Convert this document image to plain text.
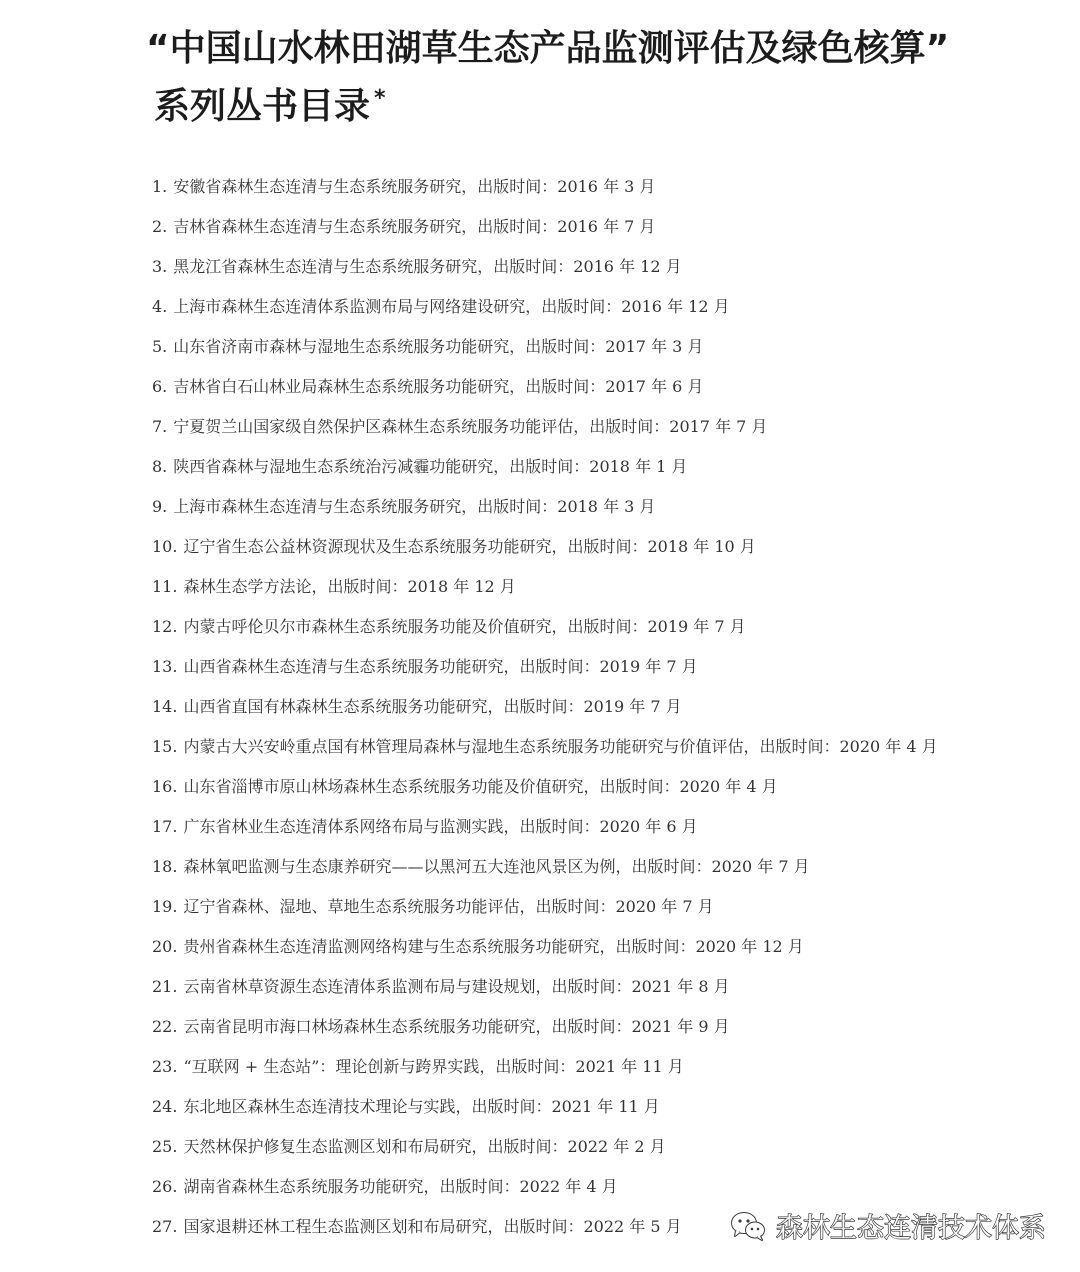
“中国山水林田湖草生态产品监测评估及绿色核算”
系列丛书目录 *
1. 安徽省森林生态连清与生态系统服务研究，出版时间：2016 年 3 月
2. 吉林省森林生态连清与生态系统服务研究，出版时间：2016 年 7 月
3. 黑龙江省森林生态连清与生态系统服务研究，出版时间：2016 年 12 月
4. 上海市森林生态连清体系监测布局与网络建设研究，出版时间：2016 年 12 月
5. 山东省济南市森林与湿地生态系统服务功能研究，出版时间：2017 年 3 月
6. 吉林省白石山林业局森林生态系统服务功能研究，出版时间：2017 年 6 月
7. 宁夏贺兰山国家级自然保护区森林生态系统服务功能评估，出版时间：2017 年 7 月
8. 陕西省森林与湿地生态系统治污减霾功能研究，出版时间：2018 年 1 月
9. 上海市森林生态连清与生态系统服务研究，出版时间：2018 年 3 月
10. 辽宁省生态公益林资源现状及生态系统服务功能研究，出版时间：2018 年 10 月
11. 森林生态学方法论，出版时间：2018 年 12 月
12. 内蒙古呼伦贝尔市森林生态系统服务功能及价值研究，出版时间：2019 年 7 月
13. 山西省森林生态连清与生态系统服务功能研究，出版时间：2019 年 7 月
14. 山西省直国有林森林生态系统服务功能研究，出版时间：2019 年 7 月
15. 内蒙古大兴安岭重点国有林管理局森林与湿地生态系统服务功能研究与价值评估，出版时间：2020 年 4 月
16. 山东省淄博市原山林场森林生态系统服务功能及价值研究，出版时间：2020 年 4 月
17. 广东省林业生态连清体系网络布局与监测实践，出版时间：2020 年 6 月
18. 森林氧吧监测与生态康养研究——以黑河五大连池风景区为例，出版时间：2020 年 7 月
19. 辽宁省森林、湿地、草地生态系统服务功能评估，出版时间：2020 年 7 月
20. 贵州省森林生态连清监测网络构建与生态系统服务功能研究，出版时间：2020 年 12 月
21. 云南省林草资源生态连清体系监测布局与建设规划，出版时间：2021 年 8 月
22. 云南省昆明市海口林场森林生态系统服务功能研究，出版时间：2021 年 9 月
23. “互联网 + 生态站”：理论创新与跨界实践，出版时间：2021 年 11 月
24. 东北地区森林生态连清技术理论与实践，出版时间：2021 年 11 月
25. 天然林保护修复生态监测区划和布局研究，出版时间：2022 年 2 月
26. 湖南省森林生态系统服务功能研究，出版时间：2022 年 4 月
27. 国家退耕还林工程生态监测区划和布局研究，出版时间：2022 年 5 月	森林生态连清技术体系
